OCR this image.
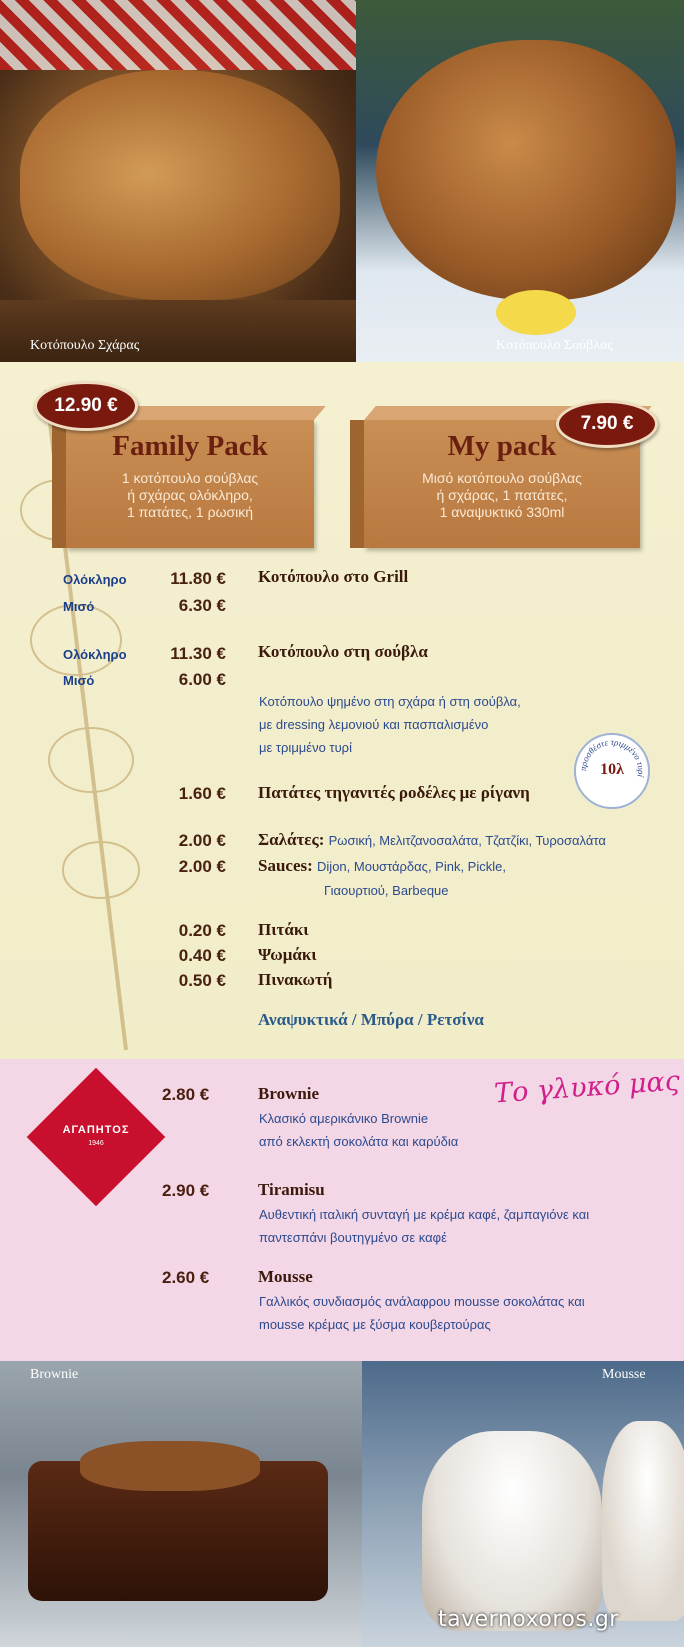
Κοτόπουλο Σχάρας	Κοτόπουλο Σούβλας
Family Pack
1 κοτόπουλο σούβλας
ή σχάρας ολόκληρο,
1 πατάτες, 1 ρωσική
12.90 €
My pack
Μισό κοτόπουλο σούβλας
ή σχάρας, 1 πατάτες,
1 αναψυκτικό 330ml
7.90 €
Ολόκληρο	11.80 € Κοτόπουλο στο Grill
Μισό	6.30 €
Ολόκληρο	11.30 € Κοτόπουλο στη σούβλα
Μισό	6.00 €
Κοτόπουλο ψημένο στη σχάρα ή στη σούβλα,
με dressing λεμονιού και πασπαλισμένο
με τριμμένο τυρί
προσθέστε τριμμένο τυρί
10λ
1.60 € Πατάτες τηγανιτές ροδέλες με ρίγανη
2.00 € Σαλάτες: Ρωσική, Μελιτζανοσαλάτα, Τζατζίκι, Τυροσαλάτα
2.00 € Sauces: Dijon, Μουστάρδας, Pink, Pickle,
Γιαουρτιού, Barbeque
0.20 € Πιτάκι
0.40 € Ψωμάκι
0.50 € Πινακωτή
Αναψυκτικά / Μπύρα / Ρετσίνα
ΑΓΑΠΗΤΟΣ
1946
Το γλυκό μας
2.80 €	Brownie
Κλασικό αμερικάνικο Brownie
από εκλεκτή σοκολάτα και καρύδια
2.90 €	Tiramisu
Αυθεντική ιταλική συνταγή με κρέμα καφέ, ζαμπαγιόνε και
παντεσπάνι βουτηγμένο σε καφέ
2.60 €	Mousse
Γαλλικός συνδιασμός ανάλαφρου mousse σοκολάτας και
mousse κρέμας με ξύσμα κουβερτούρας
Brownie	Mousse
tavernoxoros.gr
